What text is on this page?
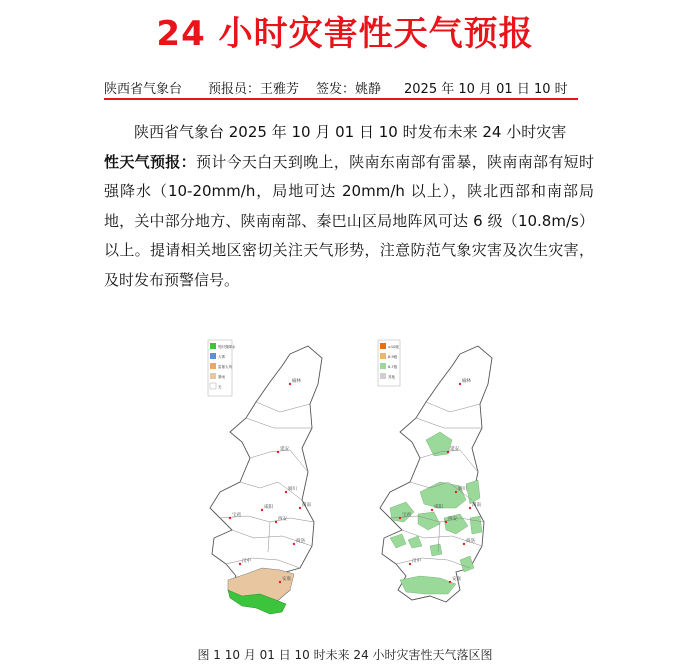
24 小时灾害性天气预报
陕西省气象台 预报员：王雅芳 签发：姚静 2025 年 10 月 01 日 10 时
陕西省气象台 2025 年 10 月 01 日 10 时发布未来 24 小时灾害
性天气预报：预计今天白天到晚上，陕南东南部有雷暴，陕南南部有短时强降水（10-20mm/h，局地可达 20mm/h 以上），陕北西部和南部局地，关中部分地方、陕南南部、秦巴山区局地阵风可达 6 级（10.8m/s）以上。提请相关地区密切关注天气形势，注意防范气象灾害及次生灾害，及时发布预警信号。
短时强降水
大雾
雷暴大风
暴雨
无
榆林
延安
宝鸡
西安
汉中
安康
商洛
铜川
渭南
咸阳
≥10级
8-9级
6-7级
其他
榆林
延安
宝鸡
西安
汉中
安康
商洛
铜川
渭南
咸阳
图 1 10 月 01 日 10 时未来 24 小时灾害性天气落区图
